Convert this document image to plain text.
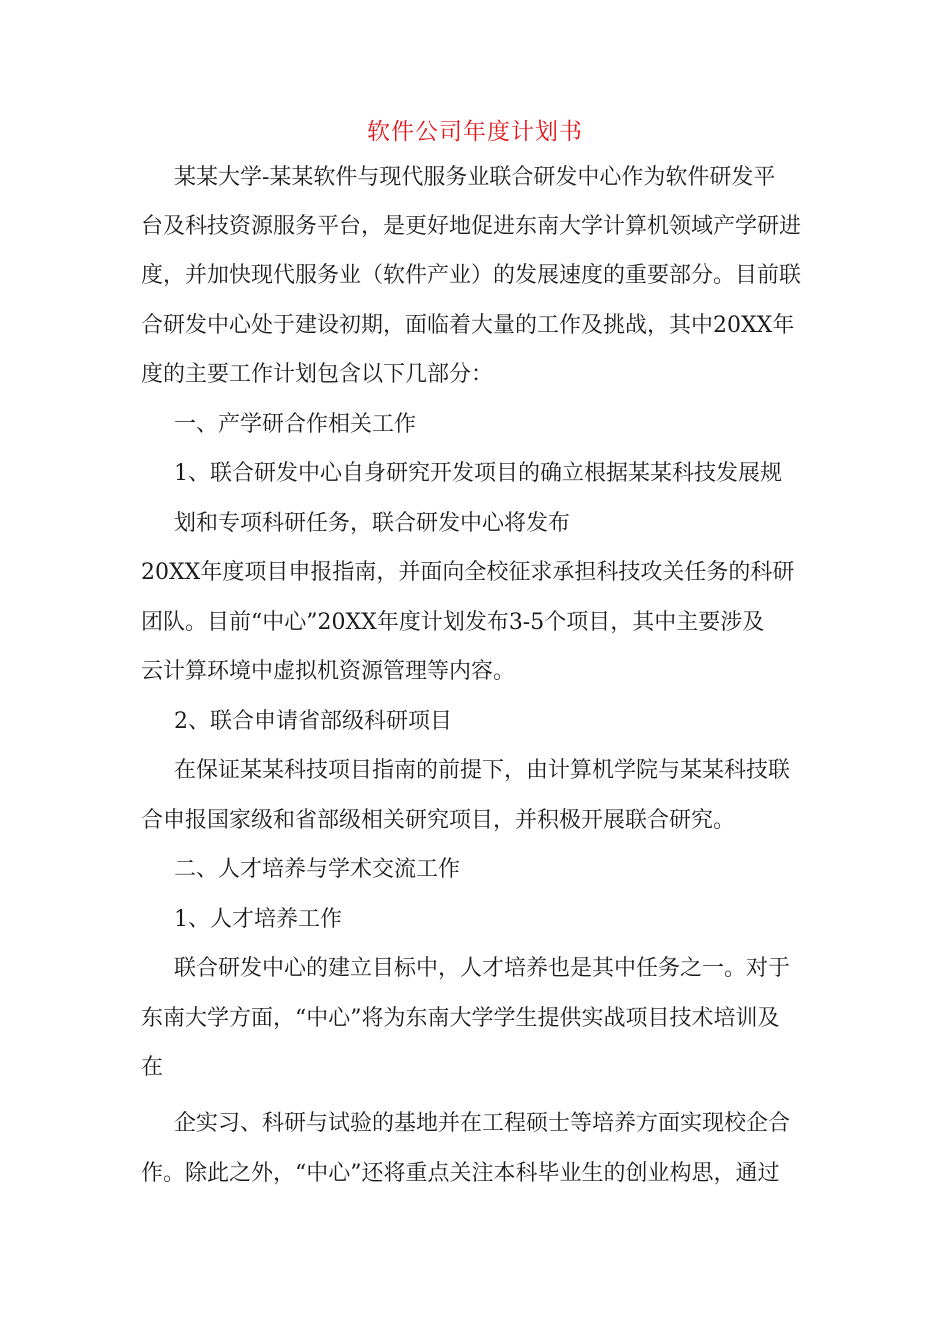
软件公司年度计划书
某某大学-某某软件与现代服务业联合研发中心作为软件研发平
台及科技资源服务平台，是更好地促进东南大学计算机领域产学研进
度，并加快现代服务业（软件产业）的发展速度的重要部分。目前联
合研发中心处于建设初期，面临着大量的工作及挑战，其中20XX年
度的主要工作计划包含以下几部分：
一、产学研合作相关工作
1、联合研发中心自身研究开发项目的确立根据某某科技发展规
划和专项科研任务，联合研发中心将发布
20XX年度项目申报指南，并面向全校征求承担科技攻关任务的科研
团队。目前“中心”20XX年度计划发布3-5个项目，其中主要涉及
云计算环境中虚拟机资源管理等内容。
2、联合申请省部级科研项目
在保证某某科技项目指南的前提下，由计算机学院与某某科技联
合申报国家级和省部级相关研究项目，并积极开展联合研究。
二、人才培养与学术交流工作
1、人才培养工作
联合研发中心的建立目标中，人才培养也是其中任务之一。对于
东南大学方面，“中心”将为东南大学学生提供实战项目技术培训及
在
企实习、科研与试验的基地并在工程硕士等培养方面实现校企合
作。除此之外，“中心”还将重点关注本科毕业生的创业构思，通过
